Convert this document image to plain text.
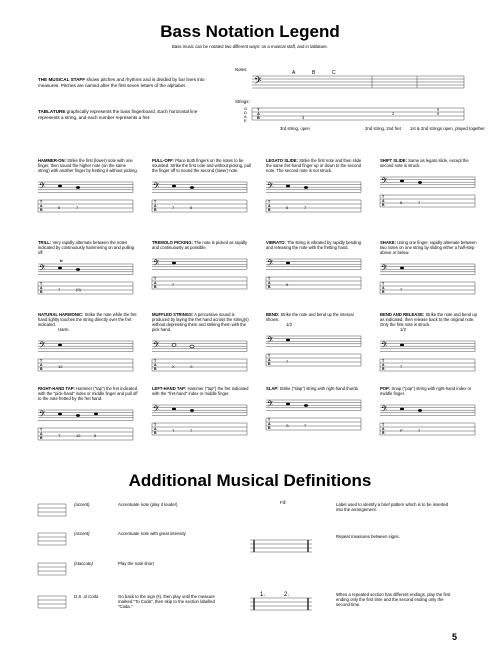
Bass Notation Legend
Bass music can be notated two different ways: on a musical staff, and in tablature.
THE MUSICAL STAFF shows pitches and rhythms and is divided by bar lines into measures. Pitches are named after the first seven letters of the alphabet.
TABLATURE graphically represents the bass fingerboard. Each horizontal line represents a string, and each number represents a fret.
Notes:
Strings:
𝄢
A	B	C
T
A
B
G
D
A
E
3
2
0
0
3rd string, open	2nd string, 2nd fret 1st & 2nd strings open, played together
HAMMER-ON: Strike the first (lower) note with one finger, then sound the higher note (on the same string) with another finger by fretting it without picking.
𝄢
T
A
B	5	7
PULL-OFF: Place both fingers on the notes to be sounded. Strike the first note and without picking, pull the finger off to sound the second (lower) note.
𝄢
T
A
B	7	5
LEGATO SLIDE: Strike the first note and then slide the same fret-hand finger up or down to the second note. The second note is not struck.
𝄢
T
A
B	5	7
SHIFT SLIDE: Same as legato slide, except the second note is struck.
𝄢
T
A
B	5	7
TRILL: Very rapidly alternate between the notes indicated by continuously hammering on and pulling off.
𝄢
tr
T
A
B	7	(9)
TREMOLO PICKING: The note is picked as rapidly and continuously as possible.
𝄢
T
A
B	7
VIBRATO: The string is vibrated by rapidly bending and releasing the note with the fretting hand.
𝄢
T
A
B	9
SHAKE: Using one finger, rapidly alternate between two notes on one string by sliding either a half-step above or below.
𝄢
T
A
B	7
NATURAL HARMONIC: Strike the note while the fret hand lightly touches the string directly over the fret indicated.
Harm.
𝄢
T
A
B	12
MUFFLED STRINGS: A percussive sound is produced by laying the fret hand across the string(s) without depressing them and striking them with the pick hand.
𝄢
T
A
B	X	X
BEND: Strike the note and bend up the interval shown.
1/2
𝄢
T
A
B	7
BEND AND RELEASE: Strike the note and bend up as indicated, then release back to the original note. Only the first note is struck.
1/2
𝄢
T
A
B	7
RIGHT-HAND TAP: Hammer ("tap") the fret indicated with the "pick-hand" index or middle finger and pull off to the note fretted by the fret hand.
𝄢
T
A
B	T	12	5
LEFT-HAND TAP: Hammer ("tap") the fret indicated with the "fret-hand" index or middle finger.
𝄢
T
A
B	T	7
SLAP: Strike ("slap") string with right-hand thumb.
𝄢
T
A
B	S	7
POP: Snap ("pop") string with right-hand index or middle finger.
𝄢
T
A
B	P	7
Additional Musical Definitions
(accent)	Accentuate note (play it louder)
(accent)	Accentuate note with great intensity
(staccato)	Play the note short
D.S. al Coda	Go back to the sign (𝄋), then play until the measure marked "To Coda", then skip to the section labelled "Coda."
Fill	Label used to identify a brief pattern which is to be inserted into the arrangement.
Repeat measures between signs.
1.	2.	When a repeated section has different endings, play the first ending only the first time and the second ending only the second time.
5
